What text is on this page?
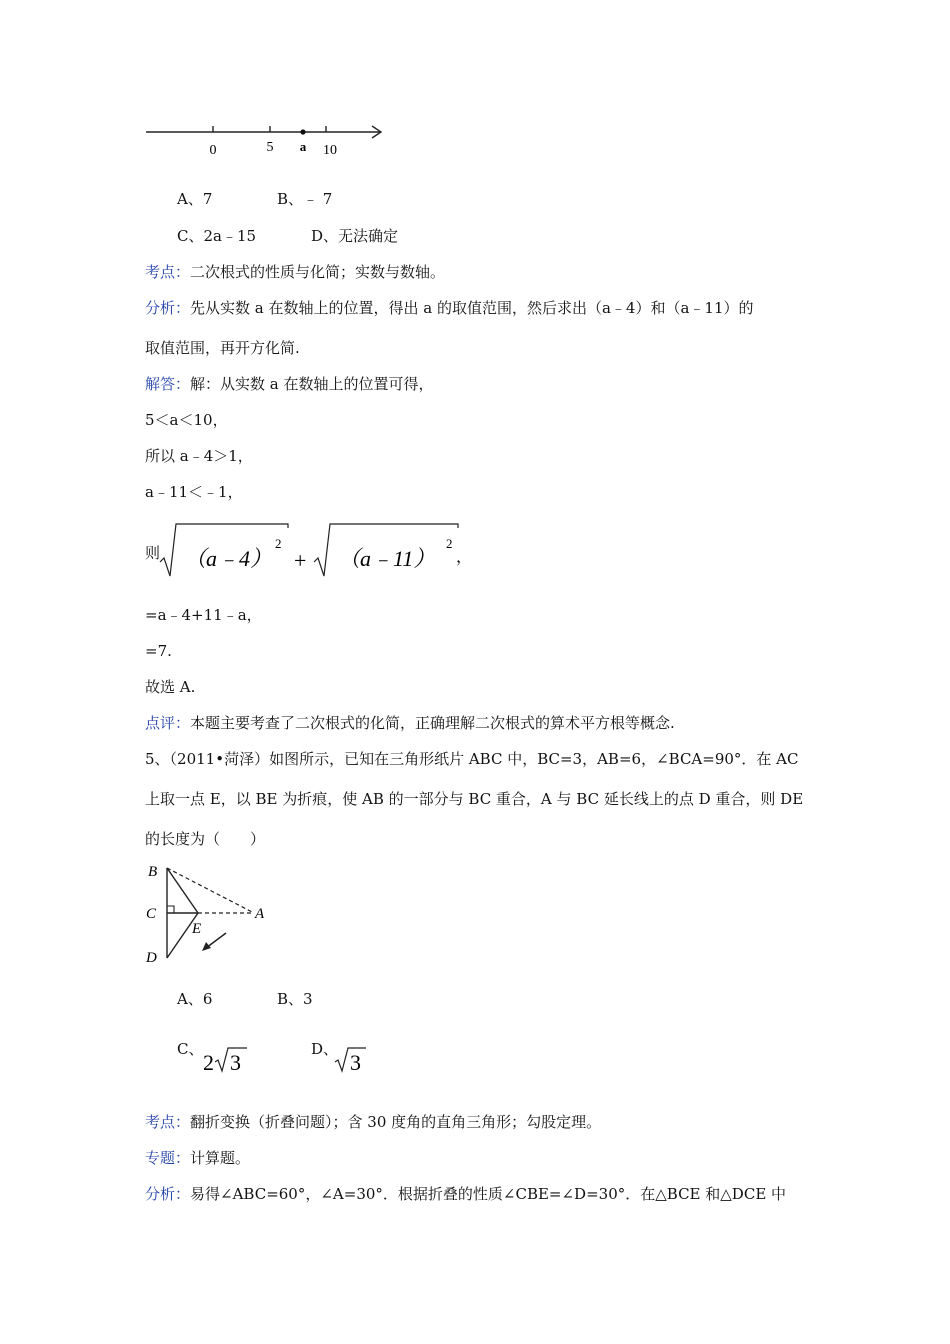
0	5 a 10
A、7	B、﹣ 7
C、2a﹣15	D、无法确定
考点：二次根式的性质与化简；实数与数轴。
分析：先从实数 a 在数轴上的位置，得出 a 的取值范围，然后求出（a﹣4）和（a﹣11）的
取值范围，再开方化简.
解答：解：从实数 a 在数轴上的位置可得，
5＜a＜10，
所以 a﹣4＞1，
a﹣11＜﹣1，
则 （a﹣4）
2
+ （a﹣11）
2
，
=a﹣4+11﹣a，
=7.
故选 A.
点评：本题主要考查了二次根式的化简，正确理解二次根式的算术平方根等概念.
5、（2011•菏泽）如图所示，已知在三角形纸片 ABC 中，BC=3，AB=6，∠BCA=90°．在 AC
上取一点 E，以 BE 为折痕，使 AB 的一部分与 BC 重合，A 与 BC 延长线上的点 D 重合，则 DE
的长度为（　　）
B
C	A
E
D
A、6	B、3
C、
2 3
D、
3
考点：翻折变换（折叠问题）；含 30 度角的直角三角形；勾股定理。
专题：计算题。
分析：易得∠ABC=60°，∠A=30°．根据折叠的性质∠CBE=∠D=30°．在△BCE 和△DCE 中
